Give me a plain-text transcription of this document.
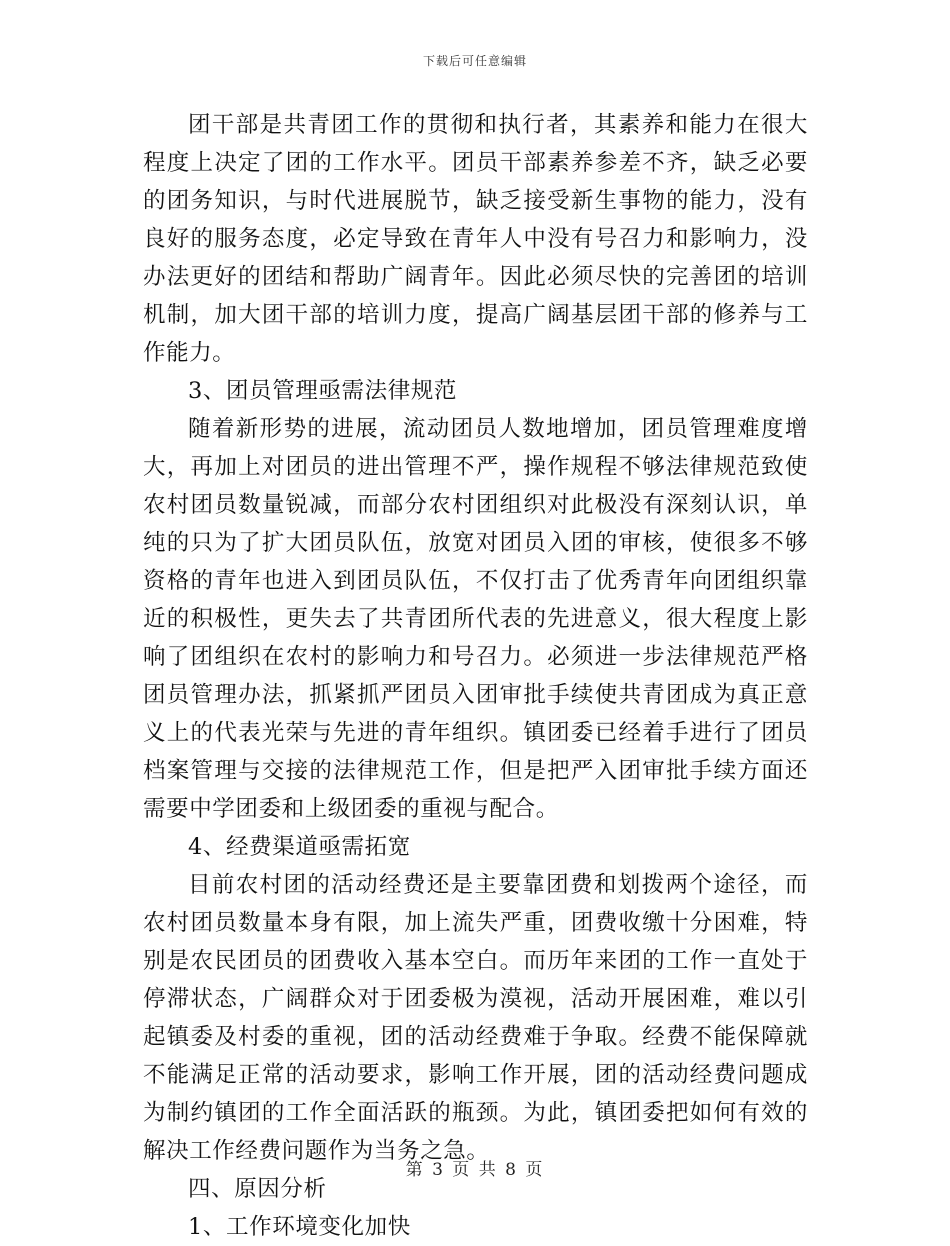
下载后可任意编辑

团干部是共青团工作的贯彻和执行者，其素养和能力在很大程度上决定了团的工作水平。团员干部素养参差不齐，缺乏必要的团务知识，与时代进展脱节，缺乏接受新生事物的能力，没有良好的服务态度，必定导致在青年人中没有号召力和影响力，没办法更好的团结和帮助广阔青年。因此必须尽快的完善团的培训机制，加大团干部的培训力度，提高广阔基层团干部的修养与工作能力。

3、团员管理亟需法律规范

随着新形势的进展，流动团员人数地增加，团员管理难度增大，再加上对团员的进出管理不严，操作规程不够法律规范致使农村团员数量锐减，而部分农村团组织对此极没有深刻认识，单纯的只为了扩大团员队伍，放宽对团员入团的审核，使很多不够资格的青年也进入到团员队伍，不仅打击了优秀青年向团组织靠近的积极性，更失去了共青团所代表的先进意义，很大程度上影响了团组织在农村的影响力和号召力。必须进一步法律规范严格团员管理办法，抓紧抓严团员入团审批手续使共青团成为真正意义上的代表光荣与先进的青年组织。镇团委已经着手进行了团员档案管理与交接的法律规范工作，但是把严入团审批手续方面还需要中学团委和上级团委的重视与配合。

4、经费渠道亟需拓宽

目前农村团的活动经费还是主要靠团费和划拨两个途径，而农村团员数量本身有限，加上流失严重，团费收缴十分困难，特别是农民团员的团费收入基本空白。而历年来团的工作一直处于停滞状态，广阔群众对于团委极为漠视，活动开展困难，难以引起镇委及村委的重视，团的活动经费难于争取。经费不能保障就不能满足正常的活动要求，影响工作开展，团的活动经费问题成为制约镇团的工作全面活跃的瓶颈。为此，镇团委把如何有效的解决工作经费问题作为当务之急。

四、原因分析

1、工作环境变化加快

第 3 页 共 8 页
